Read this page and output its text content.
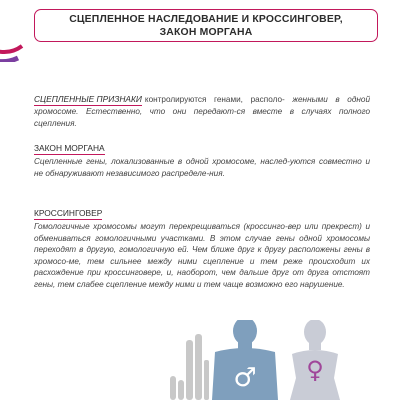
СЦЕПЛЕННОЕ НАСЛЕДОВАНИЕ И КРОССИНГОВЕР,
ЗАКОН МОРГАНА

СЦЕПЛЕННЫЕ ПРИЗНАКИ контролируются генами, располо- женными в одной хромосоме. Естественно, что они передают-ся вместе в случаях полного сцепления.

ЗАКОН МОРГАНА

Сцепленные гены, локализованные в одной хромосоме, наслед-уются совместно и не обнаруживают независимого распределе-ния.

КРОССИНГОВЕР

Гомологичные хромосомы могут перекрещиваться (кроссинго-вер или прекрест) и обмениваться гомологичными участками. В этом случае гены одной хромосомы переходят в другую, гомологичную ей. Чем ближе друг к другу расположены гены в хромосо-ме, тем сильнее между ними сцепление и тем реже происходит их расхождение при кроссинговере, и, наоборот, чем дальше друг от друга отстоят гены, тем слабее сцепление между ними и тем чаще возможно его нарушение.

♂ ♀
